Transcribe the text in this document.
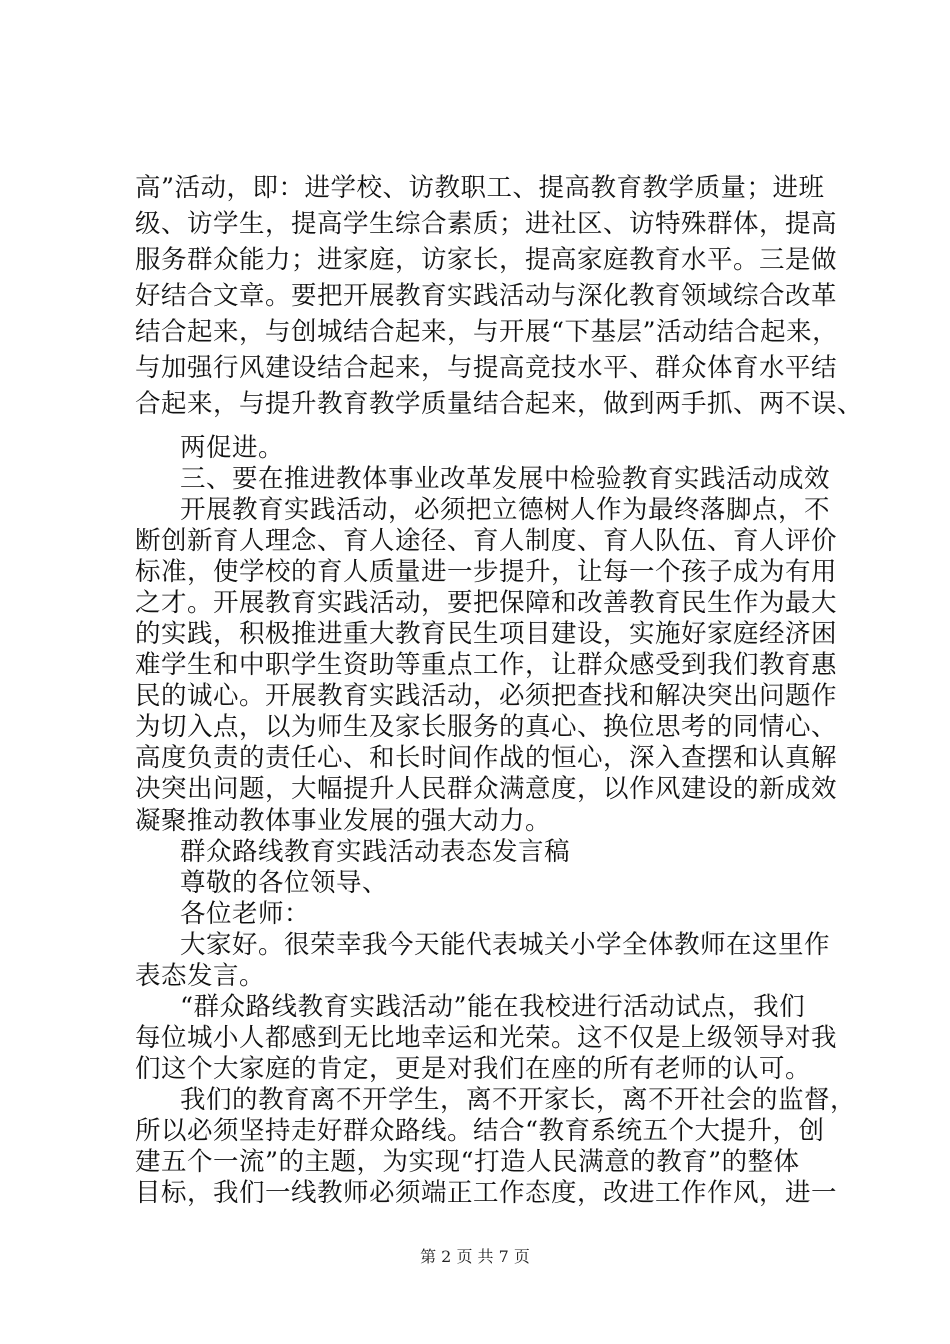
高”活动，即：进学校、访教职工、提高教育教学质量；进班
级、访学生，提高学生综合素质；进社区、访特殊群体，提高
服务群众能力；进家庭，访家长，提高家庭教育水平。三是做
好结合文章。要把开展教育实践活动与深化教育领域综合改革
结合起来，与创城结合起来，与开展“下基层”活动结合起来，
与加强行风建设结合起来，与提高竞技水平、群众体育水平结
合起来，与提升教育教学质量结合起来，做到两手抓、两不误、
两促进。
三、要在推进教体事业改革发展中检验教育实践活动成效
开展教育实践活动，必须把立德树人作为最终落脚点，不
断创新育人理念、育人途径、育人制度、育人队伍、育人评价
标准，使学校的育人质量进一步提升，让每一个孩子成为有用
之才。开展教育实践活动，要把保障和改善教育民生作为最大
的实践，积极推进重大教育民生项目建设，实施好家庭经济困
难学生和中职学生资助等重点工作，让群众感受到我们教育惠
民的诚心。开展教育实践活动，必须把查找和解决突出问题作
为切入点，以为师生及家长服务的真心、换位思考的同情心、
高度负责的责任心、和长时间作战的恒心，深入查摆和认真解
决突出问题，大幅提升人民群众满意度，以作风建设的新成效
凝聚推动教体事业发展的强大动力。
群众路线教育实践活动表态发言稿
尊敬的各位领导、
各位老师：
大家好。很荣幸我今天能代表城关小学全体教师在这里作
表态发言。
“群众路线教育实践活动”能在我校进行活动试点，我们
每位城小人都感到无比地幸运和光荣。这不仅是上级领导对我
们这个大家庭的肯定，更是对我们在座的所有老师的认可。
我们的教育离不开学生，离不开家长，离不开社会的监督，
所以必须坚持走好群众路线。结合“教育系统五个大提升，创
建五个一流”的主题，为实现“打造人民满意的教育”的整体
目标，我们一线教师必须端正工作态度，改进工作作风，进一
第 2 页 共 7 页
